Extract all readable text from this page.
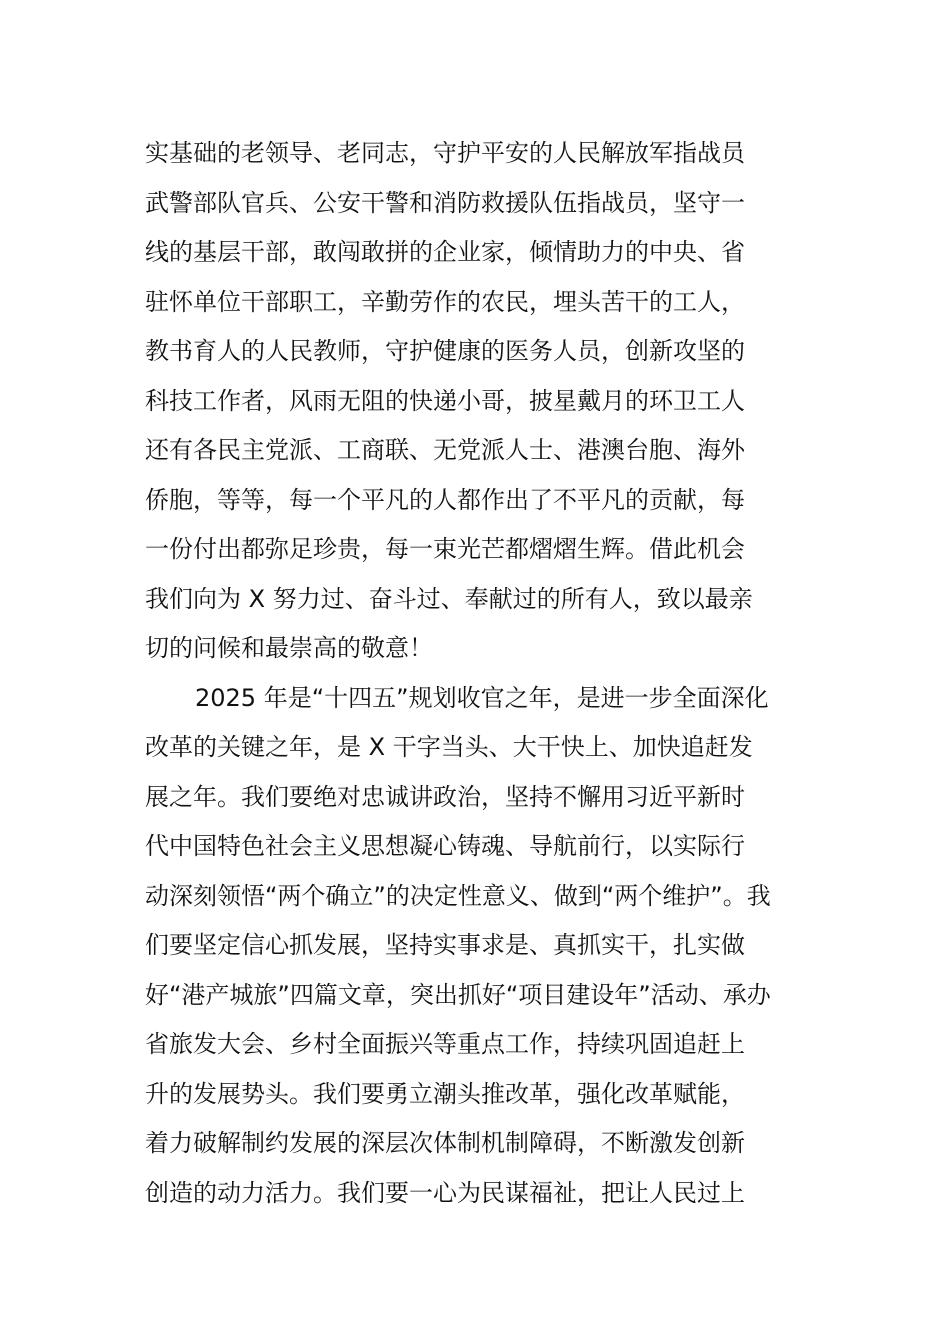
实基础的老领导、老同志，守护平安的人民解放军指战员
武警部队官兵、公安干警和消防救援队伍指战员，坚守一
线的基层干部，敢闯敢拼的企业家，倾情助力的中央、省
驻怀单位干部职工，辛勤劳作的农民，埋头苦干的工人，
教书育人的人民教师，守护健康的医务人员，创新攻坚的
科技工作者，风雨无阻的快递小哥，披星戴月的环卫工人
还有各民主党派、工商联、无党派人士、港澳台胞、海外
侨胞，等等，每一个平凡的人都作出了不平凡的贡献，每
一份付出都弥足珍贵，每一束光芒都熠熠生辉。借此机会
我们向为 X 努力过、奋斗过、奉献过的所有人，致以最亲
切的问候和最崇高的敬意！
2025 年是“十四五”规划收官之年，是进一步全面深化
改革的关键之年，是 X 干字当头、大干快上、加快追赶发
展之年。我们要绝对忠诚讲政治，坚持不懈用习近平新时
代中国特色社会主义思想凝心铸魂、导航前行，以实际行
动深刻领悟“两个确立”的决定性意义、做到“两个维护”。我
们要坚定信心抓发展，坚持实事求是、真抓实干，扎实做
好“港产城旅”四篇文章，突出抓好“项目建设年”活动、承办
省旅发大会、乡村全面振兴等重点工作，持续巩固追赶上
升的发展势头。我们要勇立潮头推改革，强化改革赋能，
着力破解制约发展的深层次体制机制障碍，不断激发创新
创造的动力活力。我们要一心为民谋福祉，把让人民过上
